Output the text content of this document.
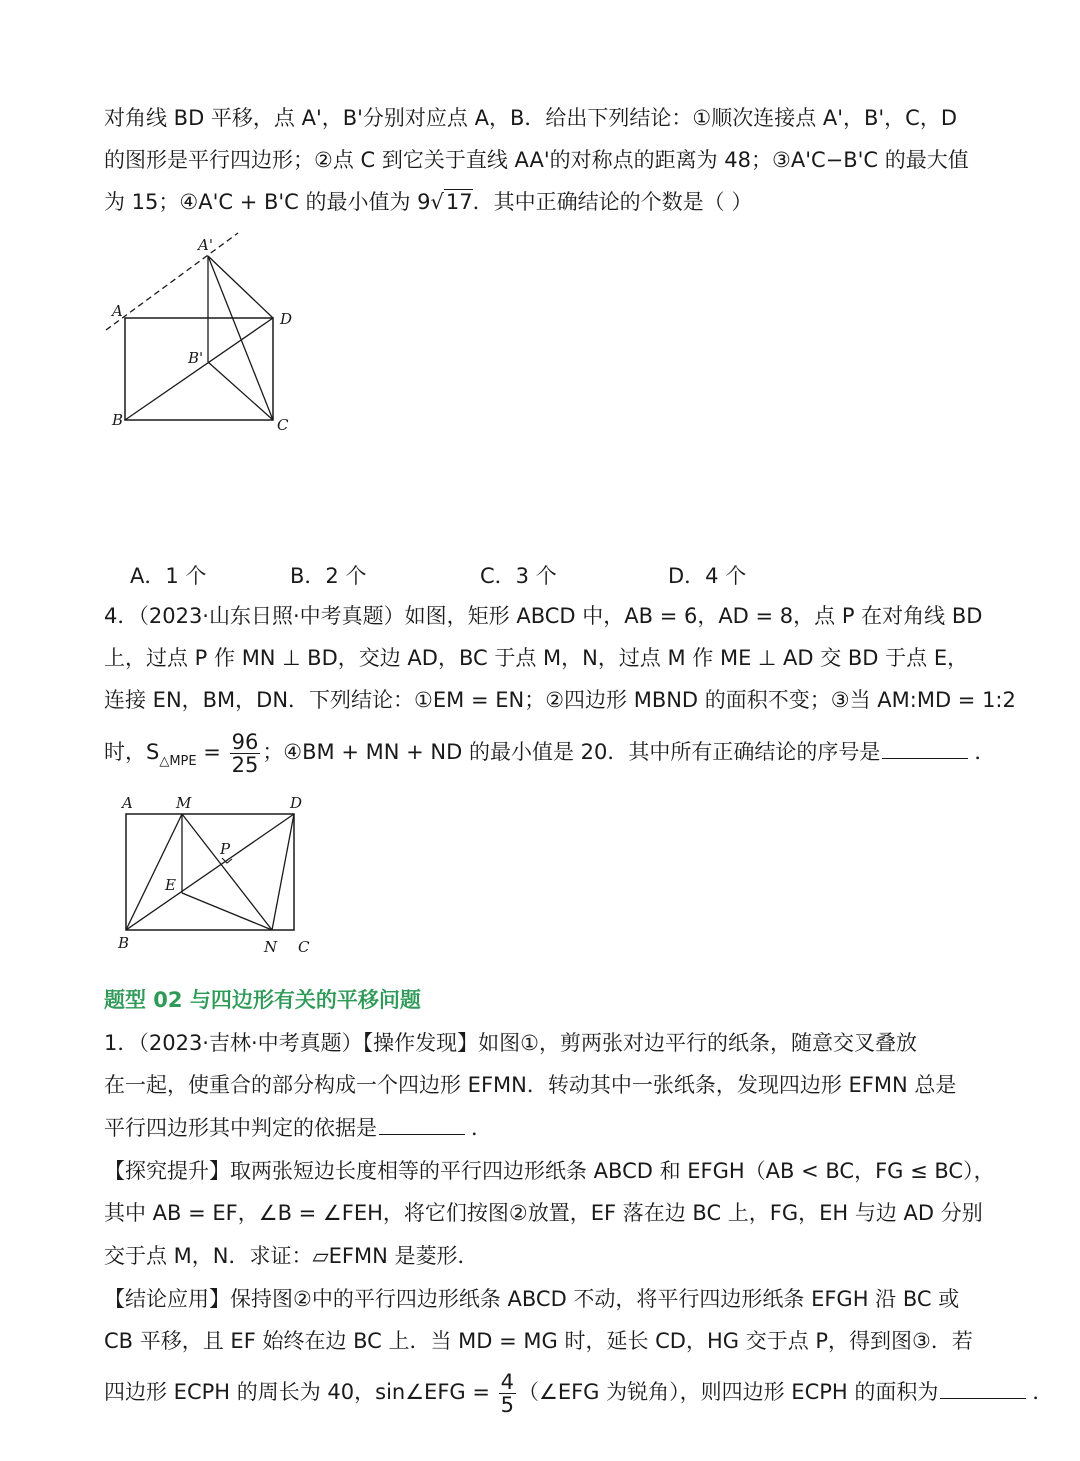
对角线 BD 平移，点 A'，B'分别对应点 A，B．给出下列结论：①顺次连接点 A'，B'，C，D
的图形是平行四边形；②点 C 到它关于直线 AA'的对称点的距离为 48；③A'C−B'C 的最大值
为 15；④A'C + B'C 的最小值为 9√17．其中正确结论的个数是（ ）
A'
A	D
B'
B	C
A．1 个	B．2 个	C．3 个	D．4 个
4．（2023·山东日照·中考真题）如图，矩形 ABCD 中，AB = 6，AD = 8，点 P 在对角线 BD
上，过点 P 作 MN ⊥ BD，交边 AD，BC 于点 M，N，过点 M 作 ME ⊥ AD 交 BD 于点 E，
连接 EN，BM，DN．下列结论：①EM = EN；②四边形 MBND 的面积不变；③当 AM:MD = 1:2
时，$S_{\triangle MPE} = \frac{96}{25}$ ；④BM + MN + ND 的最小值是 20．其中所有正确结论的序号是	．
A	M	D
P
E
B	N C
题型 02 与四边形有关的平移问题
1．（2023·吉林·中考真题）【操作发现】如图①，剪两张对边平行的纸条，随意交叉叠放
在一起，使重合的部分构成一个四边形 EFMN．转动其中一张纸条，发现四边形 EFMN 总是
平行四边形其中判定的依据是	．
【探究提升】取两张短边长度相等的平行四边形纸条 ABCD 和 EFGH（AB < BC，FG ≤ BC），
其中 AB = EF，∠B = ∠FEH，将它们按图②放置，EF 落在边 BC 上，FG，EH 与边 AD 分别
交于点 M，N．求证：▱EFMN 是菱形．
【结论应用】保持图②中的平行四边形纸条 ABCD 不动，将平行四边形纸条 EFGH 沿 BC 或
CB 平移，且 EF 始终在边 BC 上．当 MD = MG 时，延长 CD，HG 交于点 P，得到图③．若
四边形 ECPH 的周长为 40，sin∠EFG = $\frac{4}{5}$ （∠EFG 为锐角），则四边形 ECPH 的面积为	．
